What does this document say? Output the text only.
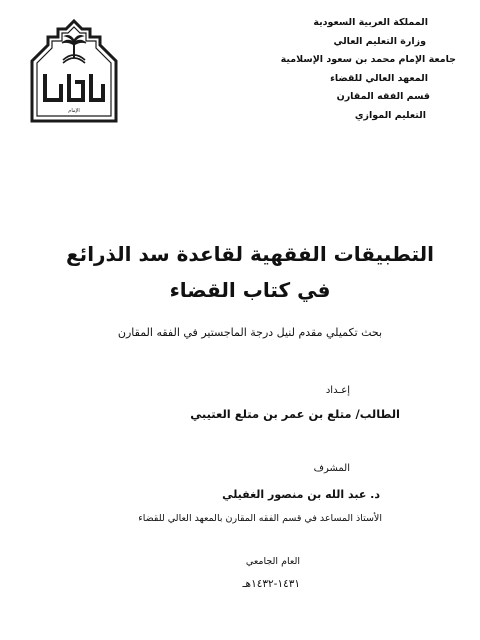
المملكة العربية السعودية
وزارة التعليم العالي
جامعة الإمام محمد بن سعود الإسلامية
المعهد العالي للقضاء
قسم الفقه المقارن
التعليم الموازي
الإمام
التطبيقات الفقهية لقاعدة سد الذرائع
في كتاب القضاء
بحث تكميلي مقدم لنيل درجة الماجستير في الفقه المقارن
إعـداد
الطالب/ متلع بن عمر بن متلع العتيبي
المشرف
د. عبد الله بن منصور الغفيلي
الأستاذ المساعد في قسم الفقه المقارن بالمعهد العالي للقضاء
العام الجامعي
١٤٣١-١٤٣٢هـ
